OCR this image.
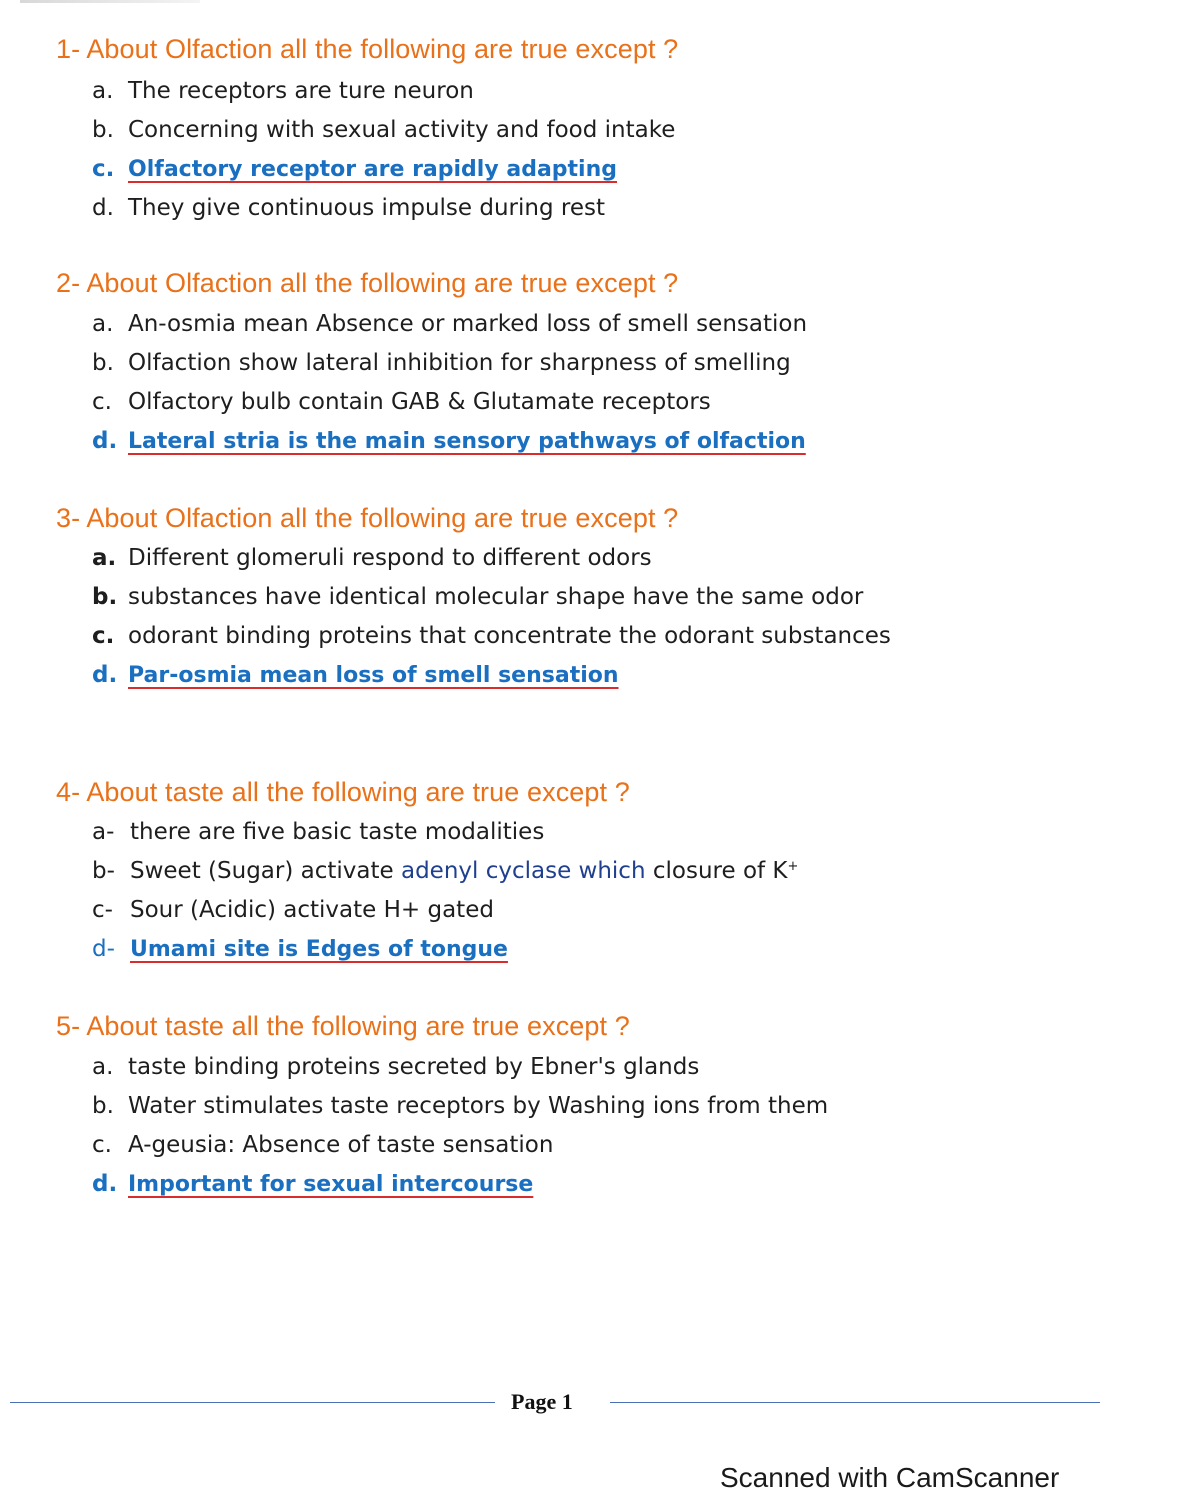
1- About Olfaction all the following are true except ?
a. The receptors are ture neuron
b. Concerning with sexual activity and food intake
c. Olfactory receptor are rapidly adapting
d. They give continuous impulse during rest
2- About Olfaction all the following are true except ?
a. An-osmia mean Absence or marked loss of smell sensation
b. Olfaction show lateral inhibition for sharpness of smelling
c. Olfactory bulb contain GAB & Glutamate receptors
d. Lateral stria is the main sensory pathways of olfaction
3- About Olfaction all the following are true except ?
a. Different glomeruli respond to different odors
b. substances have identical molecular shape have the same odor
c. odorant binding proteins that concentrate the odorant substances
d. Par-osmia mean loss of smell sensation
4- About taste all the following are true except ?
a- there are five basic taste modalities
b- Sweet (Sugar) activate adenyl cyclase which closure of K+
c- Sour (Acidic) activate H+ gated
d- Umami site is Edges of tongue
5- About taste all the following are true except ?
a. taste binding proteins secreted by Ebner's glands
b. Water stimulates taste receptors by Washing ions from them
c. A-geusia: Absence of taste sensation
d. Important for sexual intercourse
Page 1
Scanned with CamScanner
